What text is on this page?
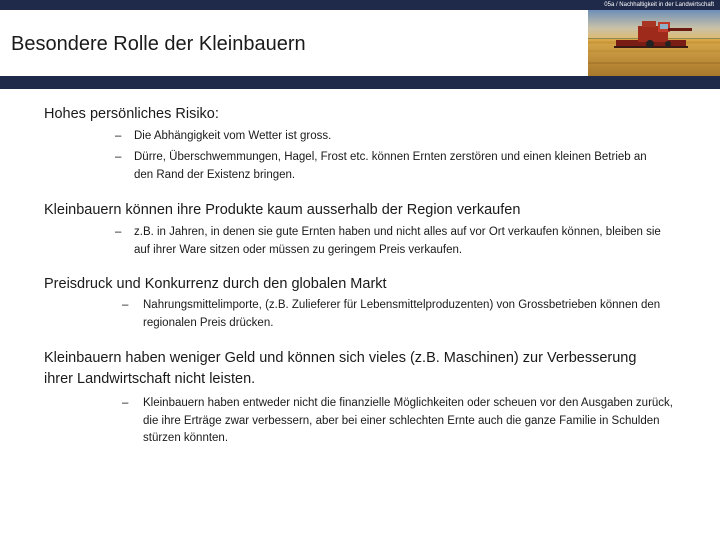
05a / Nachhaltigkeit in der Landwirtschaft
Besondere Rolle der Kleinbauern

Hohes persönliches Risiko:

– Die Abhängigkeit vom Wetter ist gross.

– Dürre, Überschwemmungen, Hagel, Frost etc. können Ernten zerstören und einen kleinen Betrieb an den Rand der Existenz bringen.

Kleinbauern können ihre Produkte kaum ausserhalb der Region verkaufen

– z.B. in Jahren, in denen sie gute Ernten haben und nicht alles auf vor Ort verkaufen können, bleiben sie auf ihrer Ware sitzen oder müssen zu geringem Preis verkaufen.

Preisdruck und Konkurrenz durch den globalen Markt

– Nahrungsmittelimporte, (z.B. Zulieferer für Lebensmittelproduzenten) von Grossbetrieben können den regionalen Preis drücken.

Kleinbauern haben weniger Geld und können sich vieles (z.B. Maschinen) zur Verbesserung ihrer Landwirtschaft nicht leisten.

– Kleinbauern haben entweder nicht die finanzielle Möglichkeiten oder scheuen vor den Ausgaben zurück, die ihre Erträge zwar verbessern, aber bei einer schlechten Ernte auch die ganze Familie in Schulden stürzen könnten.
